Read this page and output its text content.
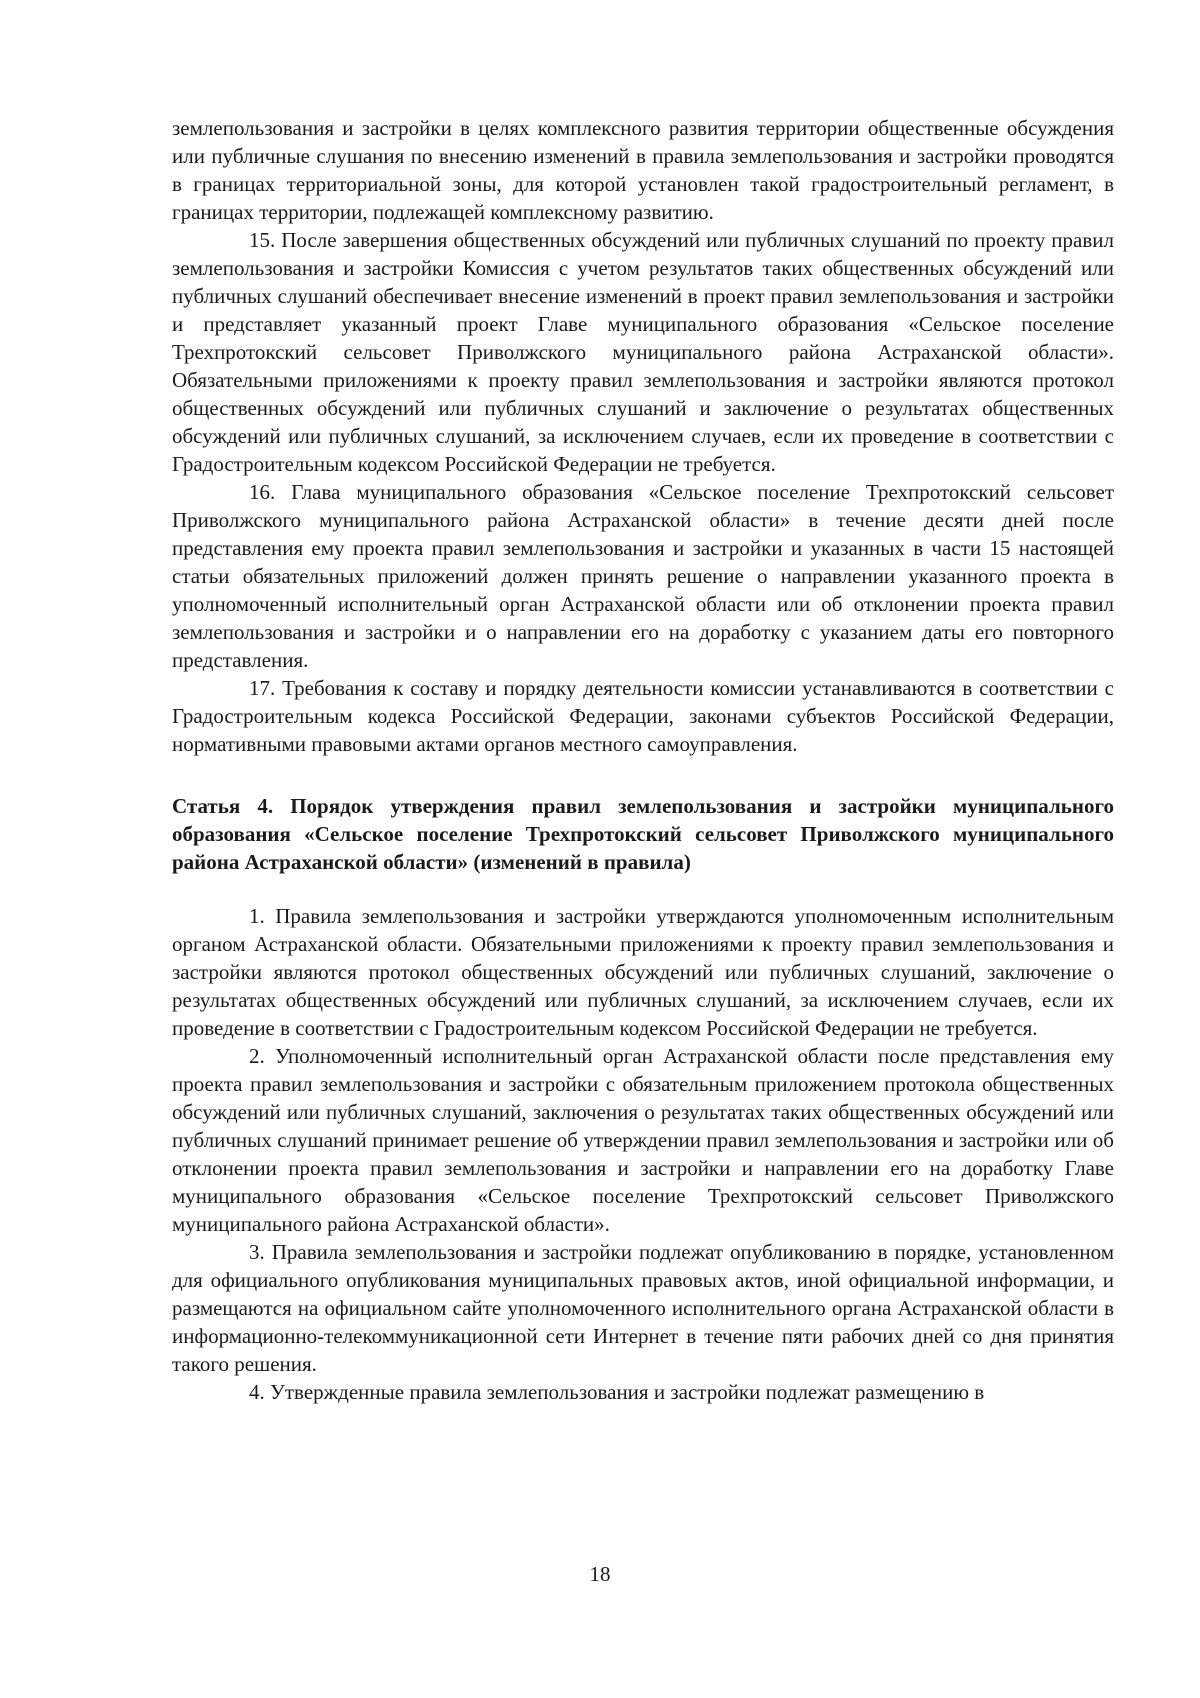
землепользования и застройки в целях комплексного развития территории общественные обсуждения или публичные слушания по внесению изменений в правила землепользования и застройки проводятся в границах территориальной зоны, для которой установлен такой градостроительный регламент, в границах территории, подлежащей комплексному развитию.

15. После завершения общественных обсуждений или публичных слушаний по проекту правил землепользования и застройки Комиссия с учетом результатов таких общественных обсуждений или публичных слушаний обеспечивает внесение изменений в проект правил землепользования и застройки и представляет указанный проект Главе муниципального образования «Сельское поселение Трехпротокский сельсовет Приволжского муниципального района Астраханской области». Обязательными приложениями к проекту правил землепользования и застройки являются протокол общественных обсуждений или публичных слушаний и заключение о результатах общественных обсуждений или публичных слушаний, за исключением случаев, если их проведение в соответствии с Градостроительным кодексом Российской Федерации не требуется.

16. Глава муниципального образования «Сельское поселение Трехпротокский сельсовет Приволжского муниципального района Астраханской области» в течение десяти дней после представления ему проекта правил землепользования и застройки и указанных в части 15 настоящей статьи обязательных приложений должен принять решение о направлении указанного проекта в уполномоченный исполнительный орган Астраханской области или об отклонении проекта правил землепользования и застройки и о направлении его на доработку с указанием даты его повторного представления.

17. Требования к составу и порядку деятельности комиссии устанавливаются в соответствии с Градостроительным кодекса Российской Федерации, законами субъектов Российской Федерации, нормативными правовыми актами органов местного самоуправления.

Статья 4. Порядок утверждения правил землепользования и застройки муниципального образования «Сельское поселение Трехпротокский сельсовет Приволжского муниципального района Астраханской области» (изменений в правила)

1. Правила землепользования и застройки утверждаются уполномоченным исполнительным органом Астраханской области. Обязательными приложениями к проекту правил землепользования и застройки являются протокол общественных обсуждений или публичных слушаний, заключение о результатах общественных обсуждений или публичных слушаний, за исключением случаев, если их проведение в соответствии с Градостроительным кодексом Российской Федерации не требуется.

2. Уполномоченный исполнительный орган Астраханской области после представления ему проекта правил землепользования и застройки с обязательным приложением протокола общественных обсуждений или публичных слушаний, заключения о результатах таких общественных обсуждений или публичных слушаний принимает решение об утверждении правил землепользования и застройки или об отклонении проекта правил землепользования и застройки и направлении его на доработку Главе муниципального образования «Сельское поселение Трехпротокский сельсовет Приволжского муниципального района Астраханской области».

3. Правила землепользования и застройки подлежат опубликованию в порядке, установленном для официального опубликования муниципальных правовых актов, иной официальной информации, и размещаются на официальном сайте уполномоченного исполнительного органа Астраханской области в информационно-телекоммуникационной сети Интернет в течение пяти рабочих дней со дня принятия такого решения.

4. Утвержденные правила землепользования и застройки подлежат размещению в

18
